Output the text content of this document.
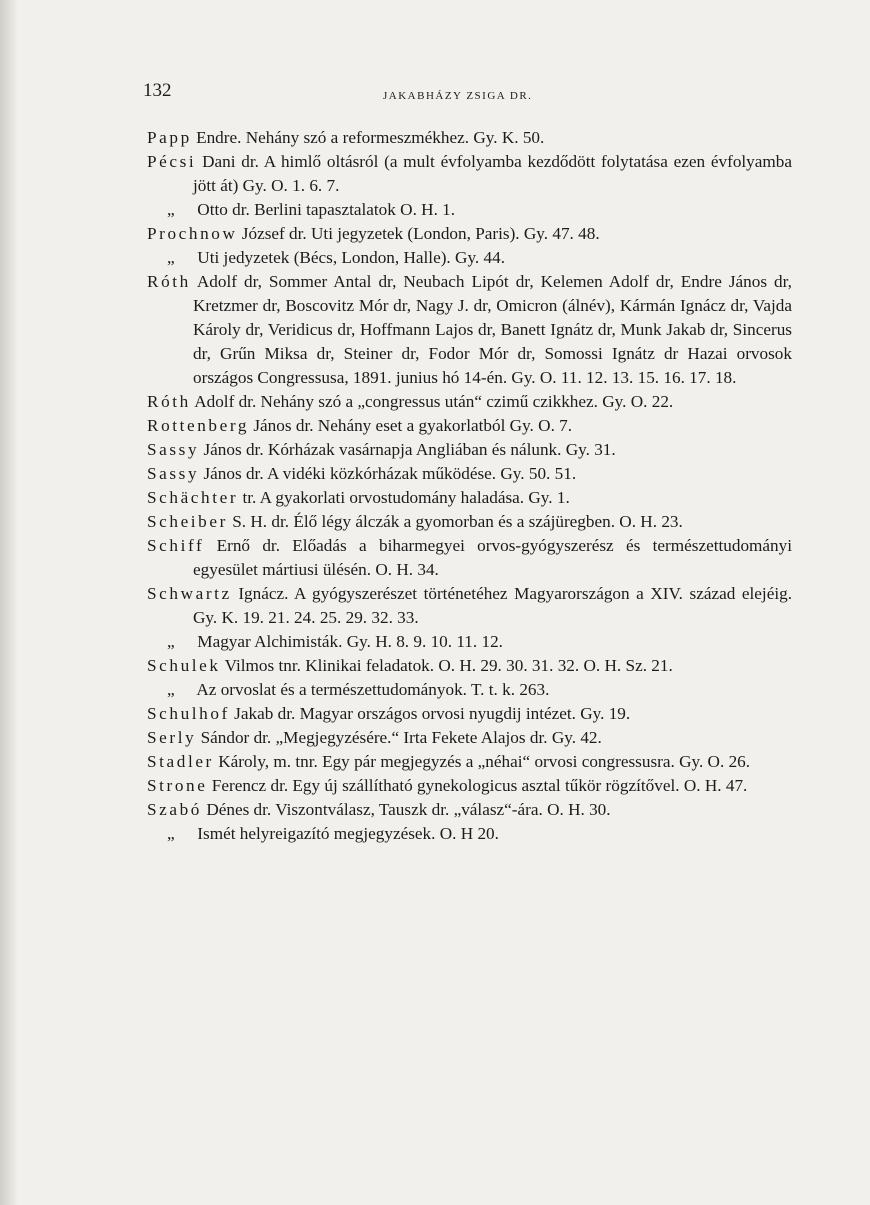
132	JAKABHÁZY ZSIGA DR.
Papp Endre. Nehány szó a reformeszmékhez. Gy. K. 50.
Pécsi Dani dr. A himlő oltásról (a mult évfolyamba kezdődött folytatása ezen évfolyamba jött át) Gy. O. 1. 6. 7.
„ Otto dr. Berlini tapasztalatok O. H. 1.
Prochnow József dr. Uti jegyzetek (London, Paris). Gy. 47. 48.
„ Uti jedyzetek (Bécs, London, Halle). Gy. 44.
Róth Adolf dr, Sommer Antal dr, Neubach Lipót dr, Kelemen Adolf dr, Endre János dr, Kretzmer dr, Boscovitz Mór dr, Nagy J. dr, Omicron (álnév), Kármán Ignácz dr, Vajda Károly dr, Veridicus dr, Hoffmann Lajos dr, Banett Ignátz dr, Munk Jakab dr, Sincerus dr, Grűn Miksa dr, Steiner dr, Fodor Mór dr, Somossi Ignátz dr Hazai orvosok országos Congressusa, 1891. junius hó 14-én. Gy. O. 11. 12. 13. 15. 16. 17. 18.
Róth Adolf dr. Nehány szó a „congressus után“ czimű czikkhez. Gy. O. 22.
Rottenberg János dr. Nehány eset a gyakorlatból Gy. O. 7.
Sassy János dr. Kórházak vasárnapja Angliában és nálunk. Gy. 31.
Sassy János dr. A vidéki közkórházak működése. Gy. 50. 51.
Schächter tr. A gyakorlati orvostudomány haladása. Gy. 1.
Scheiber S. H. dr. Élő légy álczák a gyomorban és a szájüregben. O. H. 23.
Schiff Ernő dr. Előadás a biharmegyei orvos-gyógyszerész és természettudományi egyesület mártiusi ülésén. O. H. 34.
Schwartz Ignácz. A gyógyszerészet történetéhez Magyarországon a XIV. század elejéig. Gy. K. 19. 21. 24. 25. 29. 32. 33.
„ Magyar Alchimisták. Gy. H. 8. 9. 10. 11. 12.
Schulek Vilmos tnr. Klinikai feladatok. O. H. 29. 30. 31. 32. O. H. Sz. 21.
„ Az orvoslat és a természettudományok. T. t. k. 263.
Schulhof Jakab dr. Magyar országos orvosi nyugdij intézet. Gy. 19.
Serly Sándor dr. „Megjegyzésére.“ Irta Fekete Alajos dr. Gy. 42.
Stadler Károly, m. tnr. Egy pár megjegyzés a „néhai“ orvosi congressusra. Gy. O. 26.
Strone Ferencz dr. Egy új szállítható gynekologicus asztal tűkör rögzítővel. O. H. 47.
Szabó Dénes dr. Viszontválasz, Tauszk dr. „válasz“-ára. O. H. 30.
„ Ismét helyreigazító megjegyzések. O. H 20.
